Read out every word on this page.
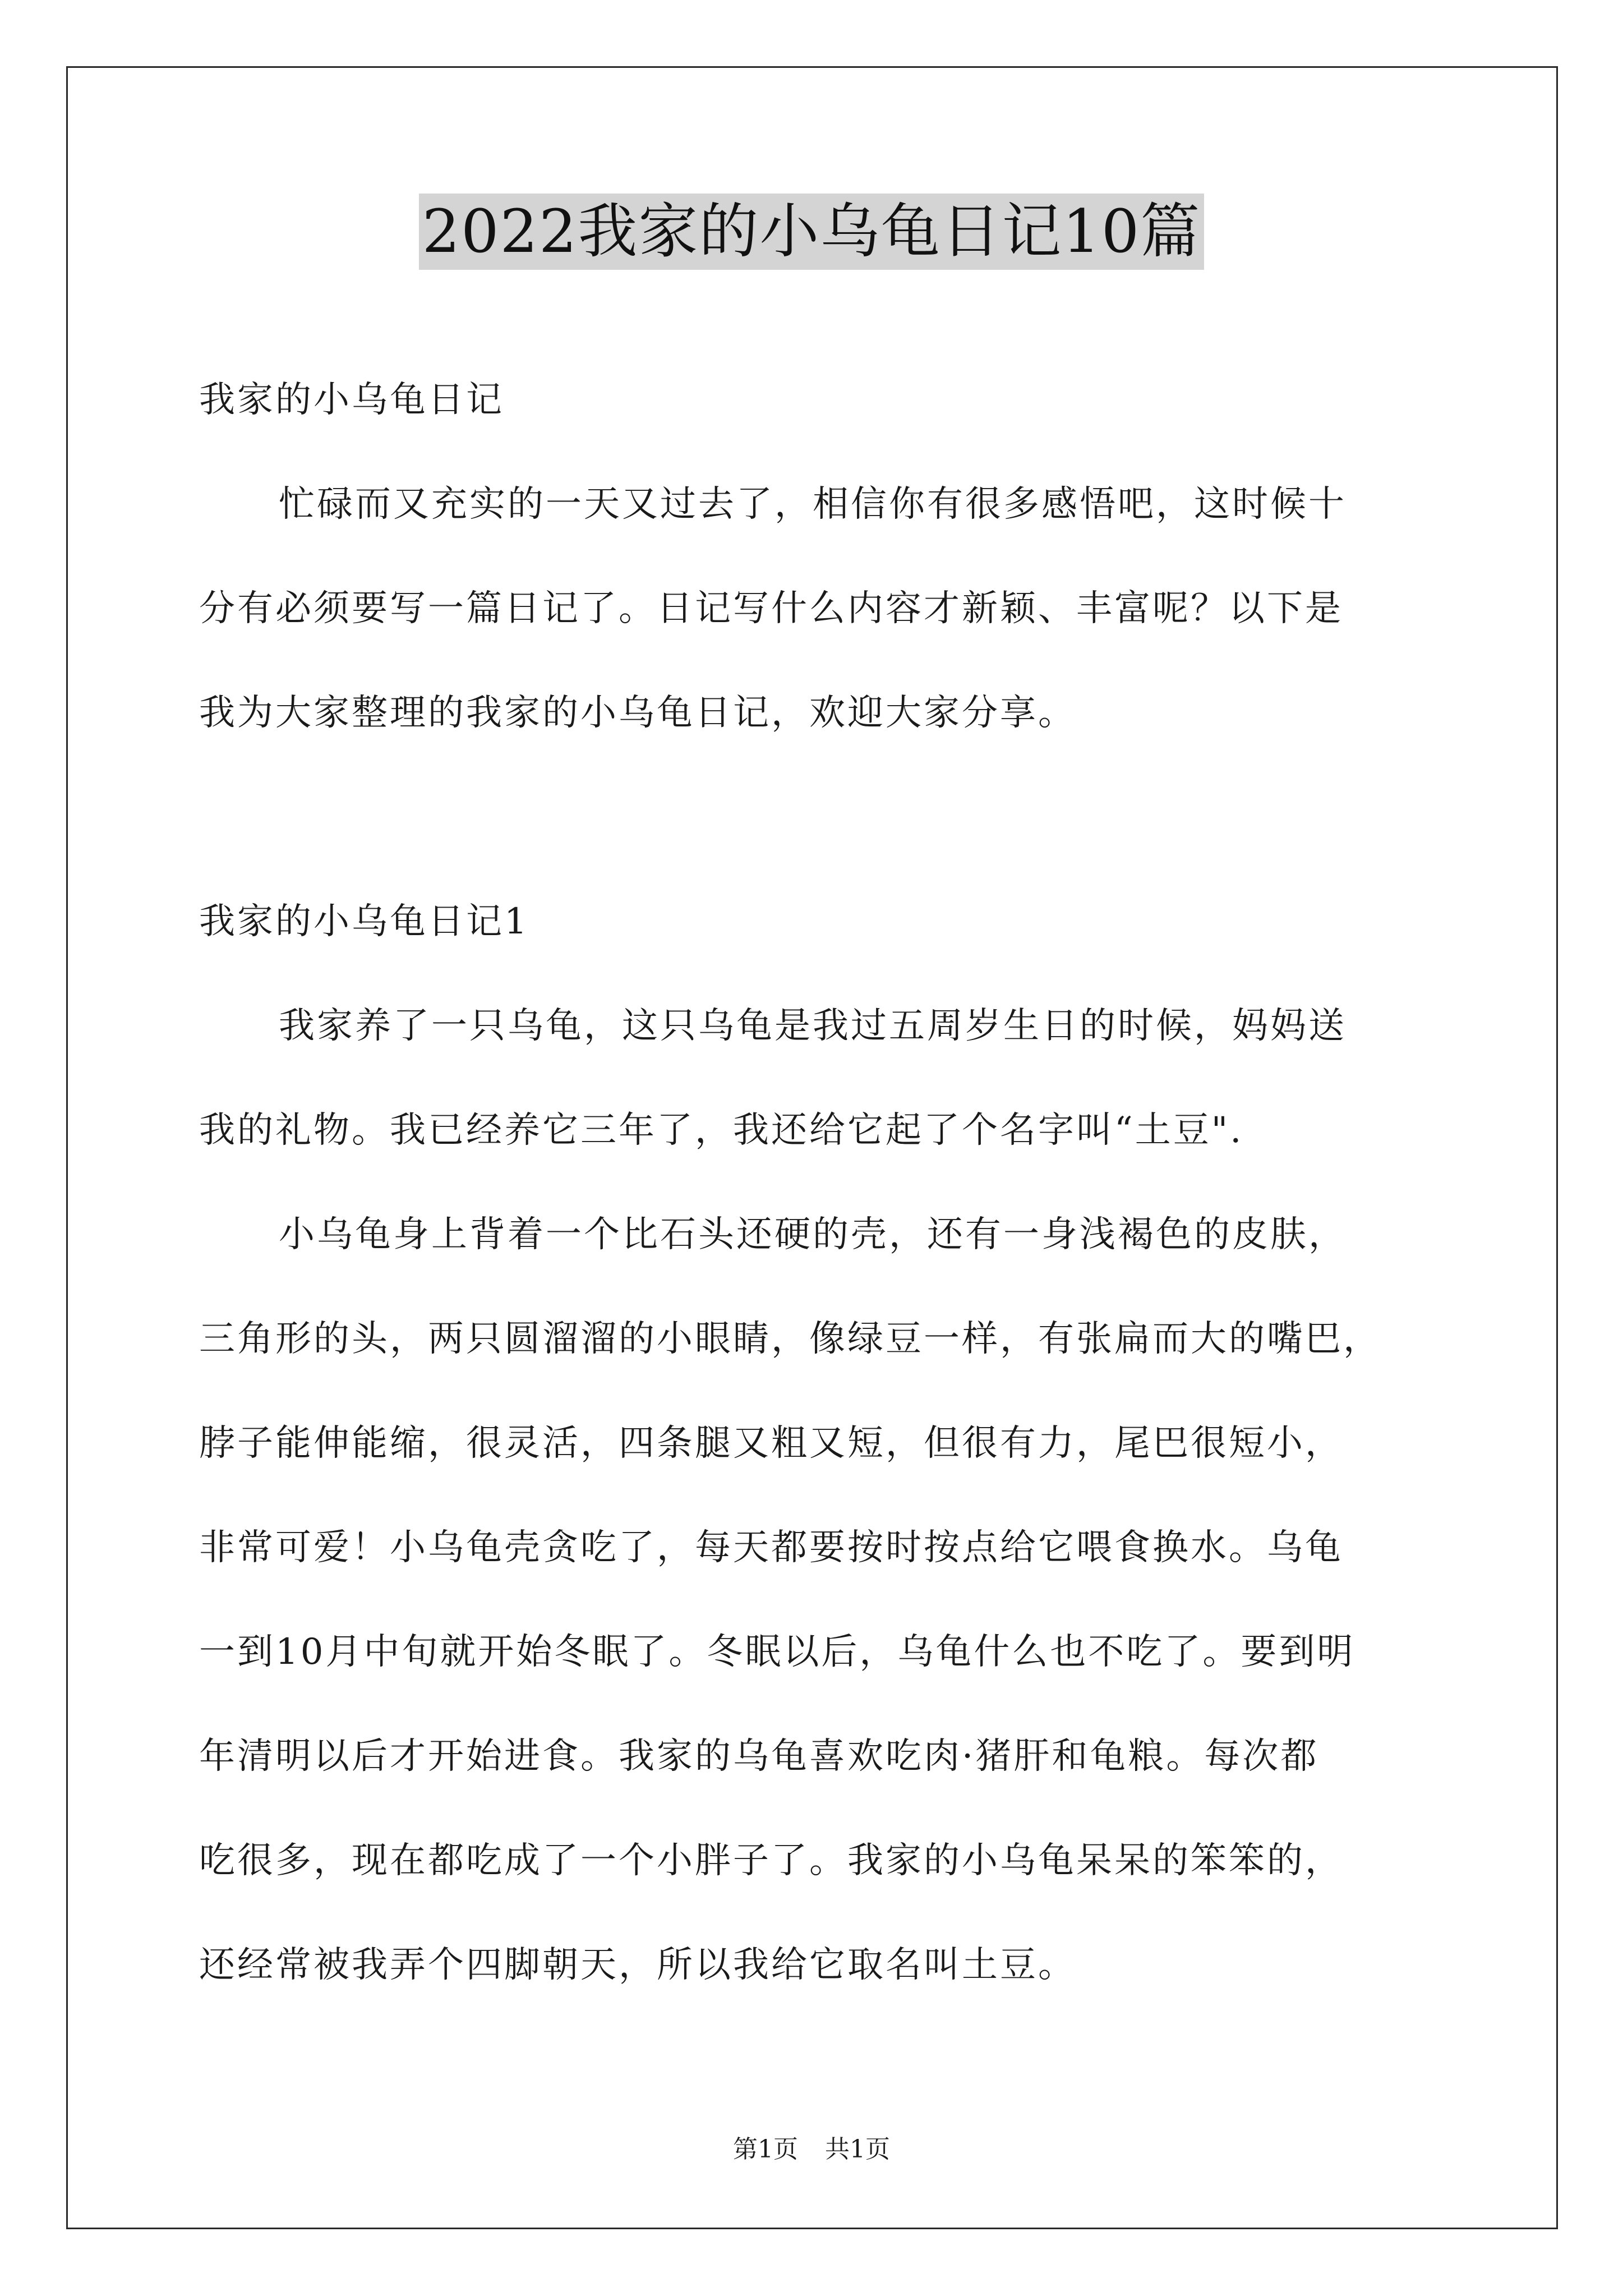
2022我家的小乌龟日记10篇
我家的小乌龟日记
忙碌而又充实的一天又过去了，相信你有很多感悟吧，这时候十
分有必须要写一篇日记了。日记写什么内容才新颖、丰富呢？以下是
我为大家整理的我家的小乌龟日记，欢迎大家分享。
我家的小乌龟日记1
我家养了一只乌龟，这只乌龟是我过五周岁生日的时候，妈妈送
我的礼物。我已经养它三年了，我还给它起了个名字叫“土豆".
小乌龟身上背着一个比石头还硬的壳，还有一身浅褐色的皮肤，
三角形的头，两只圆溜溜的小眼睛，像绿豆一样，有张扁而大的嘴巴，
脖子能伸能缩，很灵活，四条腿又粗又短，但很有力，尾巴很短小，
非常可爱！小乌龟壳贪吃了，每天都要按时按点给它喂食换水。乌龟
一到10月中旬就开始冬眠了。冬眠以后，乌龟什么也不吃了。要到明
年清明以后才开始进食。我家的乌龟喜欢吃肉·猪肝和龟粮。每次都
吃很多，现在都吃成了一个小胖子了。我家的小乌龟呆呆的笨笨的，
还经常被我弄个四脚朝天，所以我给它取名叫土豆。
第1页 共1页
